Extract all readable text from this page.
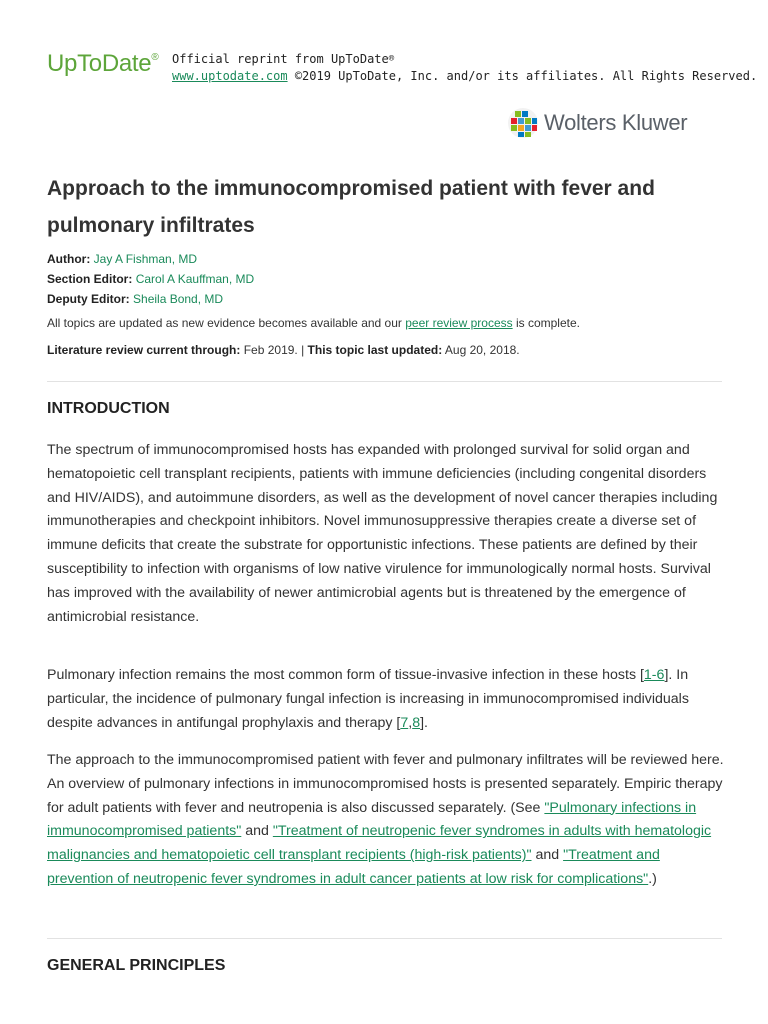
UpToDate® Official reprint from UpToDate®
www.uptodate.com ©2019 UpToDate, Inc. and/or its affiliates. All Rights Reserved.
Wolters Kluwer
Approach to the immunocompromised patient with fever and pulmonary infiltrates
Author: Jay A Fishman, MD
Section Editor: Carol A Kauffman, MD
Deputy Editor: Sheila Bond, MD
All topics are updated as new evidence becomes available and our peer review process is complete.
Literature review current through: Feb 2019. | This topic last updated: Aug 20, 2018.
INTRODUCTION

The spectrum of immunocompromised hosts has expanded with prolonged survival for solid organ and hematopoietic cell transplant recipients, patients with immune deficiencies (including congenital disorders and HIV/AIDS), and autoimmune disorders, as well as the development of novel cancer therapies including immunotherapies and checkpoint inhibitors. Novel immunosuppressive therapies create a diverse set of immune deficits that create the substrate for opportunistic infections. These patients are defined by their susceptibility to infection with organisms of low native virulence for immunologically normal hosts. Survival has improved with the availability of newer antimicrobial agents but is threatened by the emergence of antimicrobial resistance.

Pulmonary infection remains the most common form of tissue-invasive infection in these hosts [1-6]. In particular, the incidence of pulmonary fungal infection is increasing in immunocompromised individuals despite advances in antifungal prophylaxis and therapy [7,8].

The approach to the immunocompromised patient with fever and pulmonary infiltrates will be reviewed here. An overview of pulmonary infections in immunocompromised hosts is presented separately. Empiric therapy for adult patients with fever and neutropenia is also discussed separately. (See "Pulmonary infections in immunocompromised patients" and "Treatment of neutropenic fever syndromes in adults with hematologic malignancies and hematopoietic cell transplant recipients (high-risk patients)" and "Treatment and prevention of neutropenic fever syndromes in adult cancer patients at low risk for complications".)

GENERAL PRINCIPLES
